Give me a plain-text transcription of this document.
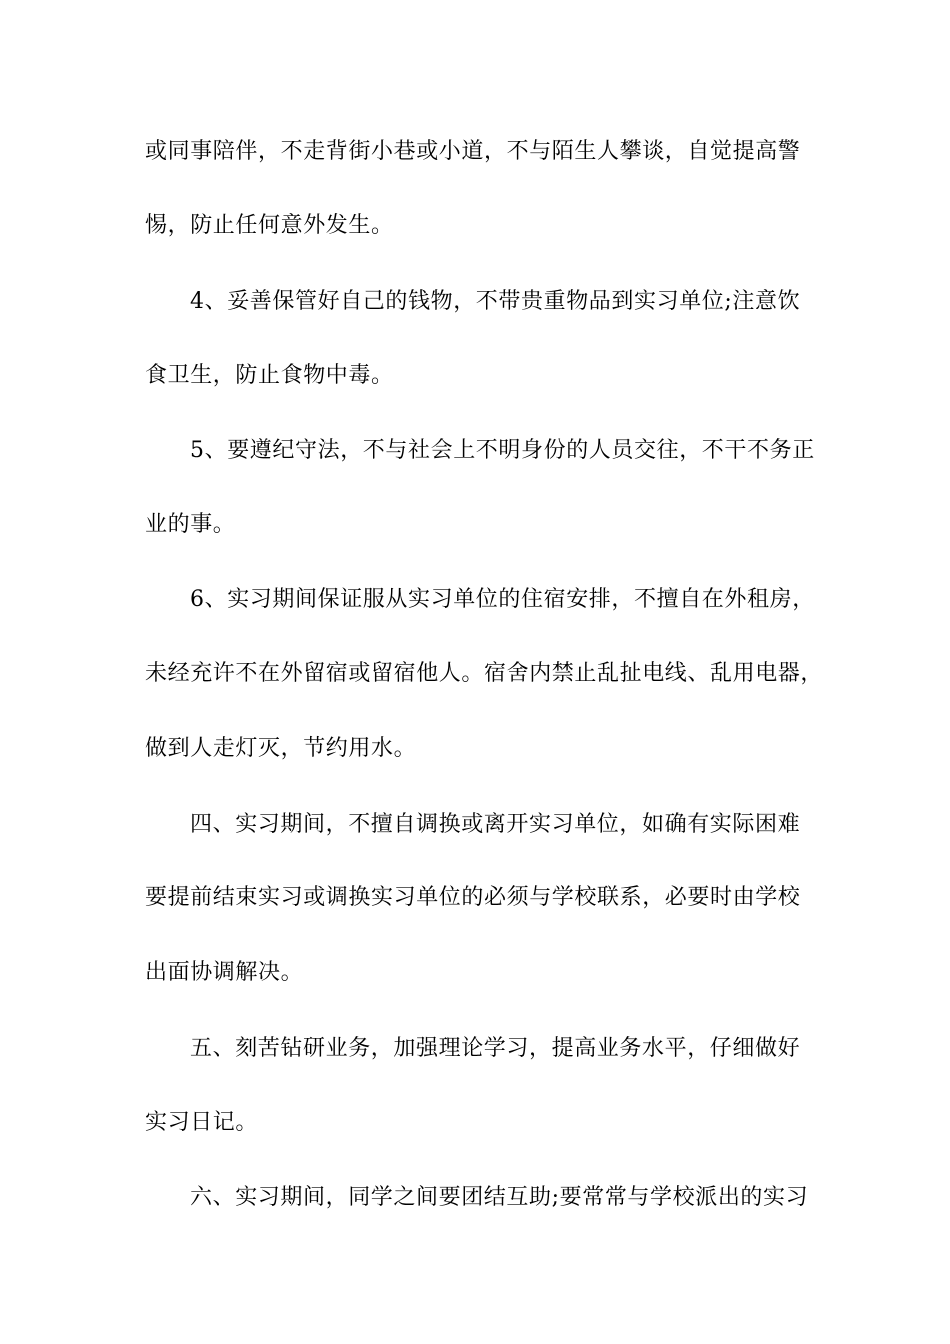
或同事陪伴，不走背街小巷或小道，不与陌生人攀谈，自觉提高警
惕，防止任何意外发生。
4、妥善保管好自己的钱物，不带贵重物品到实习单位;注意饮
食卫生，防止食物中毒。
5、要遵纪守法，不与社会上不明身份的人员交往，不干不务正
业的事。
6、实习期间保证服从实习单位的住宿安排，不擅自在外租房，
未经充许不在外留宿或留宿他人。宿舍内禁止乱扯电线、乱用电器，
做到人走灯灭，节约用水。
四、实习期间，不擅自调换或离开实习单位，如确有实际困难
要提前结束实习或调换实习单位的必须与学校联系，必要时由学校
出面协调解决。
五、刻苦钻研业务，加强理论学习，提高业务水平，仔细做好
实习日记。
六、实习期间，同学之间要团结互助;要常常与学校派出的实习
